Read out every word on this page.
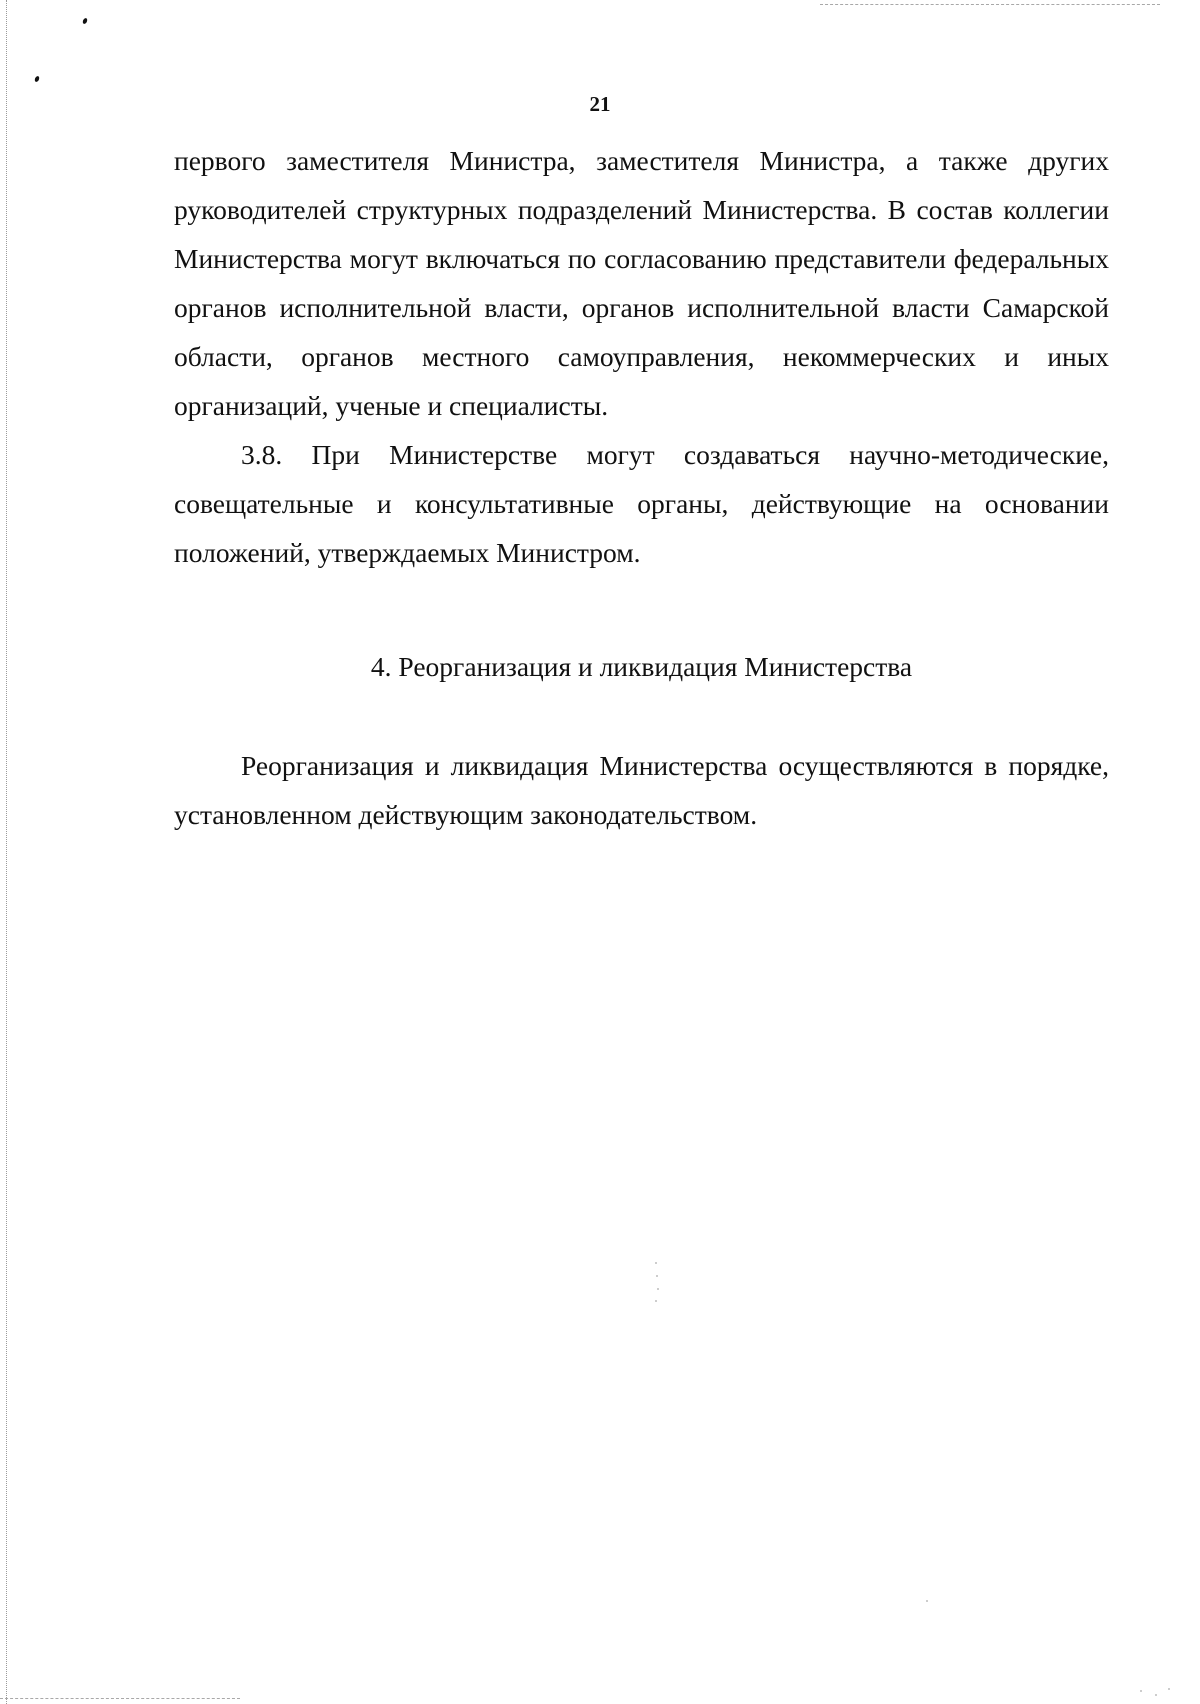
21

первого заместителя Министра, заместителя Министра, а также других руководителей структурных подразделений Министерства. В состав коллегии Министерства могут включаться по согласованию представители федеральных органов исполнительной власти, органов исполнительной власти Самарской области, органов местного самоуправления, некоммерческих и иных организаций, ученые и специалисты.

3.8. При Министерстве могут создаваться научно-методические, совещательные и консультативные органы, действующие на основании положений, утверждаемых Министром.

4. Реорганизация и ликвидация Министерства

Реорганизация и ликвидация Министерства осуществляются в порядке, установленном действующим законодательством.
